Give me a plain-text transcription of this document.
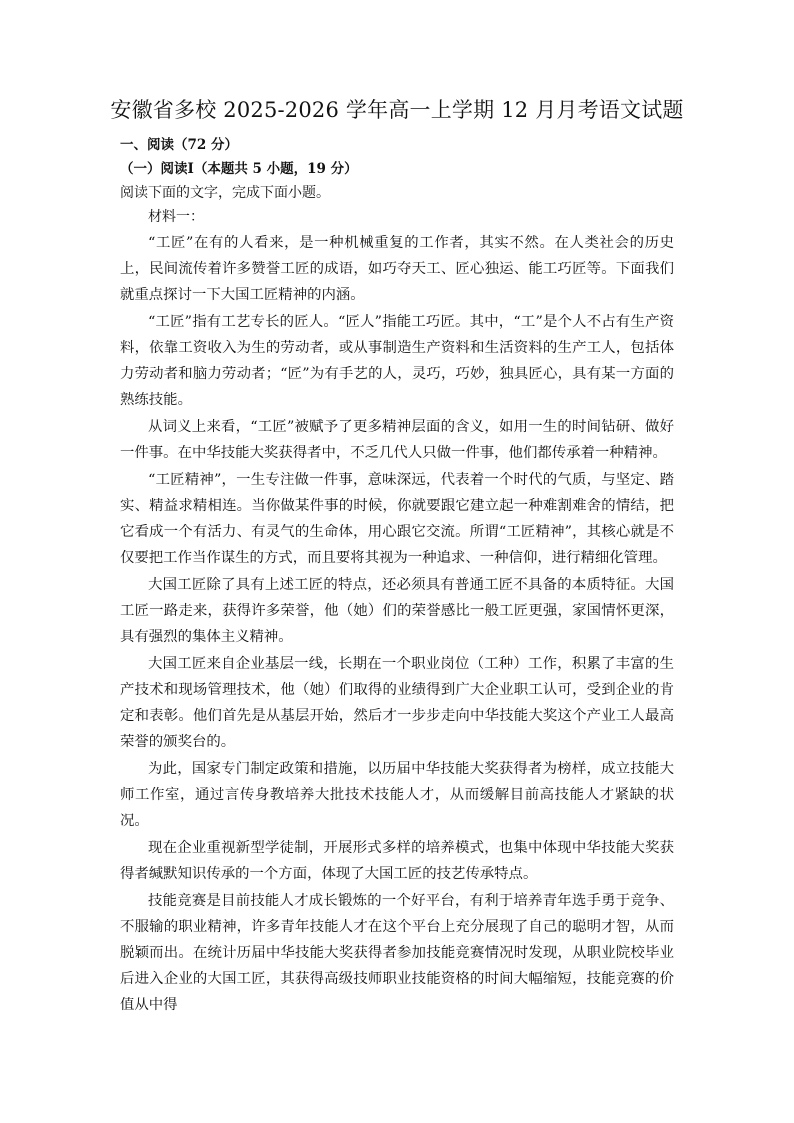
安徽省多校 2025-2026 学年高一上学期 12 月月考语文试题
一、阅读（72 分）
（一）阅读Ⅰ（本题共 5 小题，19 分）
阅读下面的文字，完成下面小题。
材料一：

“工匠”在有的人看来，是一种机械重复的工作者，其实不然。在人类社会的历史上，民间流传着许多赞誉工匠的成语，如巧夺天工、匠心独运、能工巧匠等。下面我们就重点探讨一下大国工匠精神的内涵。

“工匠”指有工艺专长的匠人。“匠人”指能工巧匠。其中，“工”是个人不占有生产资料，依靠工资收入为生的劳动者，或从事制造生产资料和生活资料的生产工人，包括体力劳动者和脑力劳动者；“匠”为有手艺的人，灵巧，巧妙，独具匠心，具有某一方面的熟练技能。

从词义上来看，“工匠”被赋予了更多精神层面的含义，如用一生的时间钻研、做好一件事。在中华技能大奖获得者中，不乏几代人只做一件事，他们都传承着一种精神。

“工匠精神”，一生专注做一件事，意味深远，代表着一个时代的气质，与坚定、踏实、精益求精相连。当你做某件事的时候，你就要跟它建立起一种难割难舍的情结，把它看成一个有活力、有灵气的生命体，用心跟它交流。所谓“工匠精神”，其核心就是不仅要把工作当作谋生的方式，而且要将其视为一种追求、一种信仰，进行精细化管理。

大国工匠除了具有上述工匠的特点，还必须具有普通工匠不具备的本质特征。大国工匠一路走来，获得许多荣誉，他（她）们的荣誉感比一般工匠更强，家国情怀更深，具有强烈的集体主义精神。

大国工匠来自企业基层一线，长期在一个职业岗位（工种）工作，积累了丰富的生产技术和现场管理技术，他（她）们取得的业绩得到广大企业职工认可，受到企业的肯定和表彰。他们首先是从基层开始，然后才一步步走向中华技能大奖这个产业工人最高荣誉的颁奖台的。

为此，国家专门制定政策和措施，以历届中华技能大奖获得者为榜样，成立技能大师工作室，通过言传身教培养大批技术技能人才，从而缓解目前高技能人才紧缺的状况。

现在企业重视新型学徒制，开展形式多样的培养模式，也集中体现中华技能大奖获得者缄默知识传承的一个方面，体现了大国工匠的技艺传承特点。

技能竞赛是目前技能人才成长锻炼的一个好平台，有利于培养青年选手勇于竞争、不服输的职业精神，许多青年技能人才在这个平台上充分展现了自己的聪明才智，从而脱颖而出。在统计历届中华技能大奖获得者参加技能竞赛情况时发现，从职业院校毕业后进入企业的大国工匠，其获得高级技师职业技能资格的时间大幅缩短，技能竞赛的价值从中得
